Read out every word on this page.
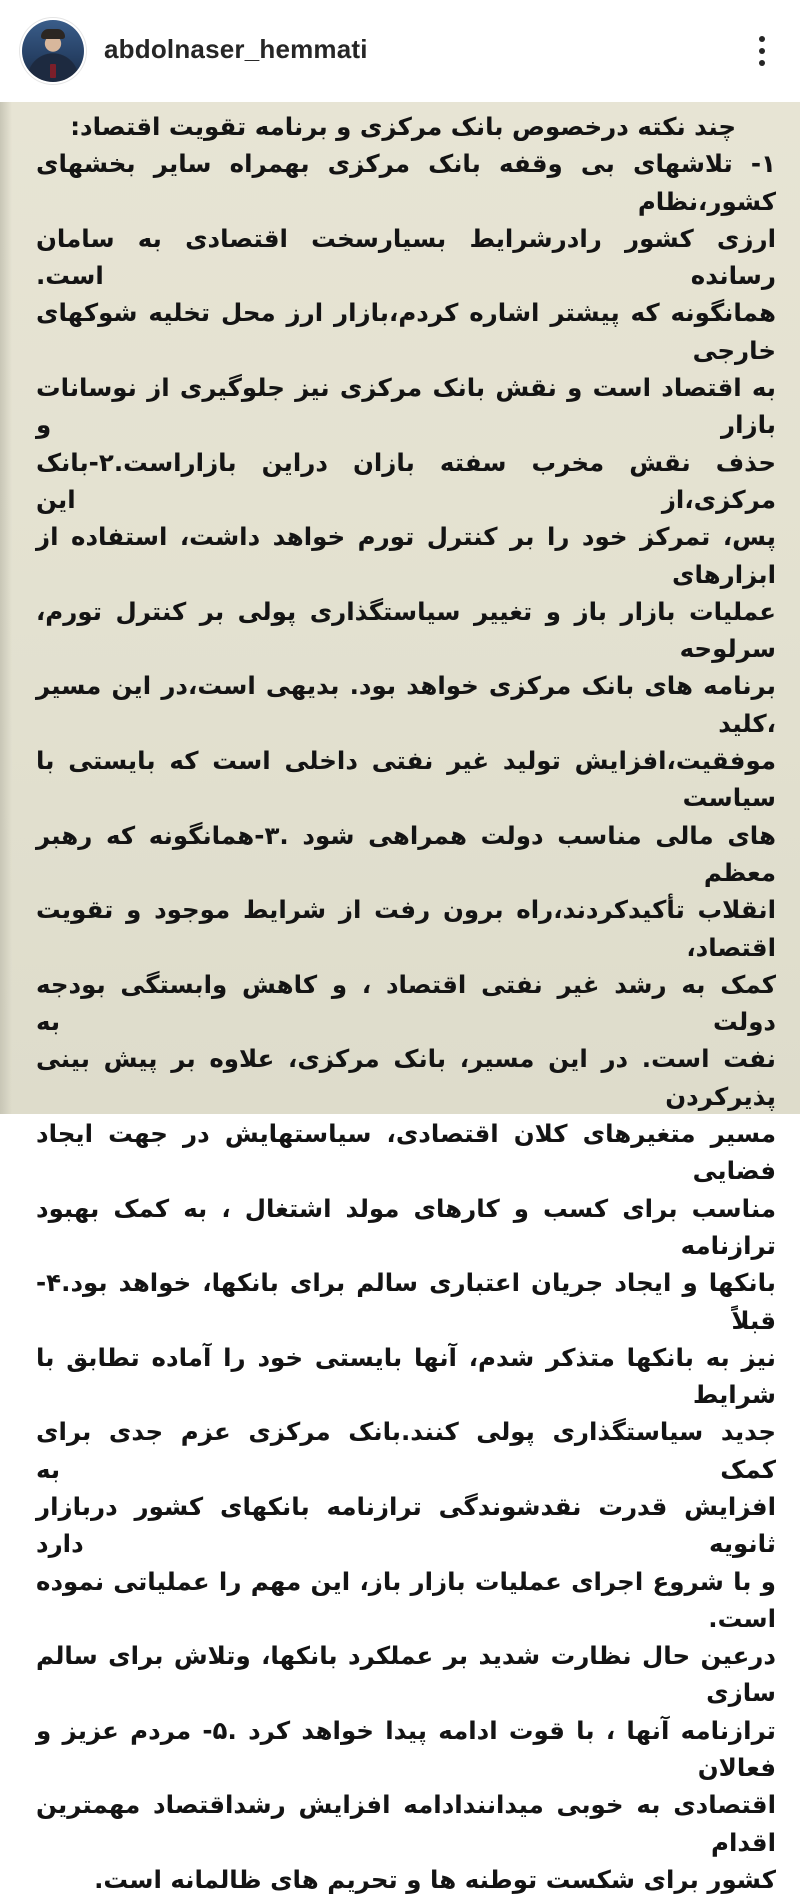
abdolnaser_hemmati
چند نکته درخصوص بانک مرکزی و برنامه تقویت اقتصاد:
۱- تلاشهای بی وقفه بانک مرکزی بهمراه سایر بخشهای کشور،نظام
ارزی کشور رادرشرایط بسیارسخت اقتصادی به سامان رسانده است.
همانگونه که پیشتر اشاره کردم،بازار ارز محل تخلیه شوکهای خارجی
به اقتصاد است و نقش بانک مرکزی نیز جلوگیری از نوسانات بازار و
حذف نقش مخرب سفته بازان دراین بازاراست.۲-بانک مرکزی،از این
پس، تمرکز خود را بر کنترل تورم خواهد داشت، استفاده از ابزارهای
عملیات بازار باز و تغییر سیاستگذاری پولی بر کنترل تورم، سرلوحه
برنامه های بانک مرکزی خواهد بود. بدیهی است،در این مسیر ،کلید
موفقیت،افزایش تولید غیر نفتی داخلی است که بایستی با سیاست
های مالی مناسب دولت همراهی شود .۳-همانگونه که رهبر معظم
انقلاب تأکیدکردند،راه برون رفت از شرایط موجود و تقویت اقتصاد،
کمک به رشد غیر نفتی اقتصاد ، و کاهش وابستگی بودجه دولت به
نفت است. در این مسیر، بانک مرکزی، علاوه بر پیش بینی پذیرکردن
مسیر متغیرهای کلان اقتصادی، سیاستهایش در جهت ایجاد فضایی
مناسب برای کسب و کارهای مولد اشتغال ، به کمک بهبود ترازنامه
بانکها و ایجاد جریان اعتباری سالم برای بانکها، خواهد بود.۴- قبلاً
نیز به بانکها متذکر شدم، آنها بایستی خود را آماده تطابق با شرایط
جدید سیاستگذاری پولی کنند.بانک مرکزی عزم جدی برای کمک به
افزایش قدرت نقدشوندگی ترازنامه بانکهای کشور دربازار ثانویه دارد
و با شروع اجرای عملیات بازار باز، این مهم را عملیاتی نموده است.
درعین حال نظارت شدید بر عملکرد بانکها، وتلاش برای سالم سازی
ترازنامه آنها ، با قوت ادامه پیدا خواهد کرد .۵- مردم عزیز و فعالان
اقتصادی به خوبی میدانندادامه افزایش رشداقتصاد مهمترین اقدام
کشور برای شکست توطنه ها و تحریم های ظالمانه است.
